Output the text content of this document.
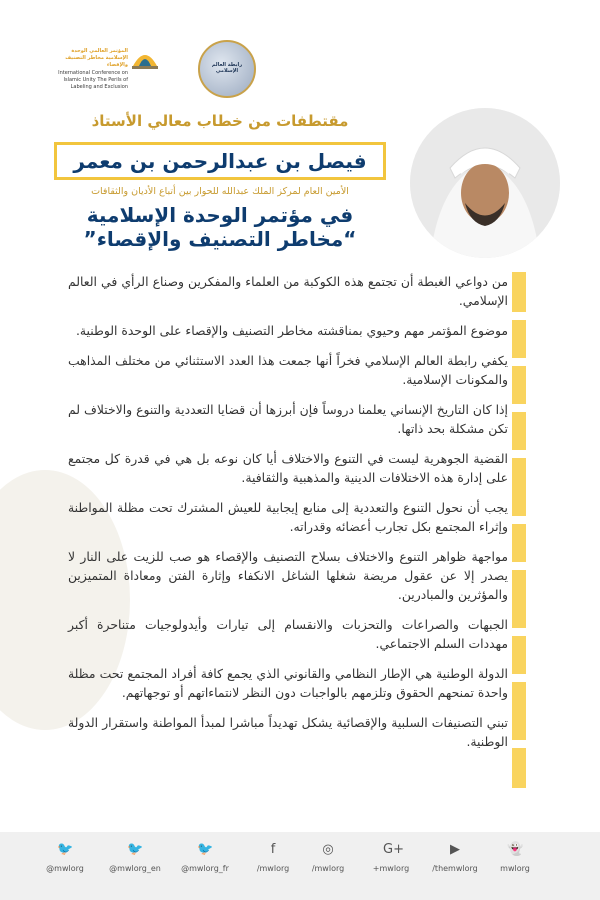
المؤتمر العالمي الوحدة الإسلامية مخاطر التصنيف والإقصاء
International Conference on Islamic Unity The Perils of Labeling and Exclusion
رابطة العالم الإسلامي

مقتطفات من خطاب معالي الأستاذ

فيصل بن عبدالرحمن بن معمر
الأمين العام لمركز الملك عبدالله للحوار بين أتباع الأديان والثقافات
في مؤتمر الوحدة الإسلامية
“مخاطر التصنيف والإقصاء”

من دواعي الغبطة أن تجتمع هذه الكوكبة من العلماء والمفكرين وصناع الرأي في العالم الإسلامي.

موضوع المؤتمر مهم وحيوي بمناقشته مخاطر التصنيف والإقصاء على الوحدة الوطنية.

يكفي رابطة العالم الإسلامي فخراً أنها جمعت هذا العدد الاستثنائي من مختلف المذاهب والمكونات الإسلامية.

إذا كان التاريخ الإنساني يعلمنا دروساً فإن أبرزها أن قضايا التعددية والتنوع والاختلاف لم تكن مشكلة بحد ذاتها.

القضية الجوهرية ليست في التنوع والاختلاف أيا كان نوعه بل هي في قدرة كل مجتمع على إدارة هذه الاختلافات الدينية والمذهبية والثقافية.

يجب أن نحول التنوع والتعددية إلى منابع إيجابية للعيش المشترك تحت مظلة المواطنة وإثراء المجتمع بكل تجارب أعضائه وقدراته.

مواجهة ظواهر التنوع والاختلاف بسلاح التصنيف والإقصاء هو صب للزيت على النار لا يصدر إلا عن عقول مريضة شغلها الشاغل الانكفاء وإثارة الفتن ومعاداة المتميزين والمؤثرين والمبادرين.

الجبهات والصراعات والتحزبات والانقسام إلى تيارات وأيدولوجيات متناحرة أكبر مهددات السلم الاجتماعي.

الدولة الوطنية هي الإطار النظامي والقانوني الذي يجمع كافة أفراد المجتمع تحت مظلة واحدة تمنحهم الحقوق وتلزمهم بالواجبات دون النظر لانتماءاتهم أو توجهاتهم.

تبني التصنيفات السلبية والإقصائية يشكل تهديداً مباشرا لمبدأ المواطنة واستقرار الدولة الوطنية.

👻
mwlorg
▶
/themwlorg
G+
+mwlorg
◎
/mwlorg
f
/mwlorg
🐦
@mwlorg_fr
🐦
@mwlorg_en
🐦
@mwlorg
